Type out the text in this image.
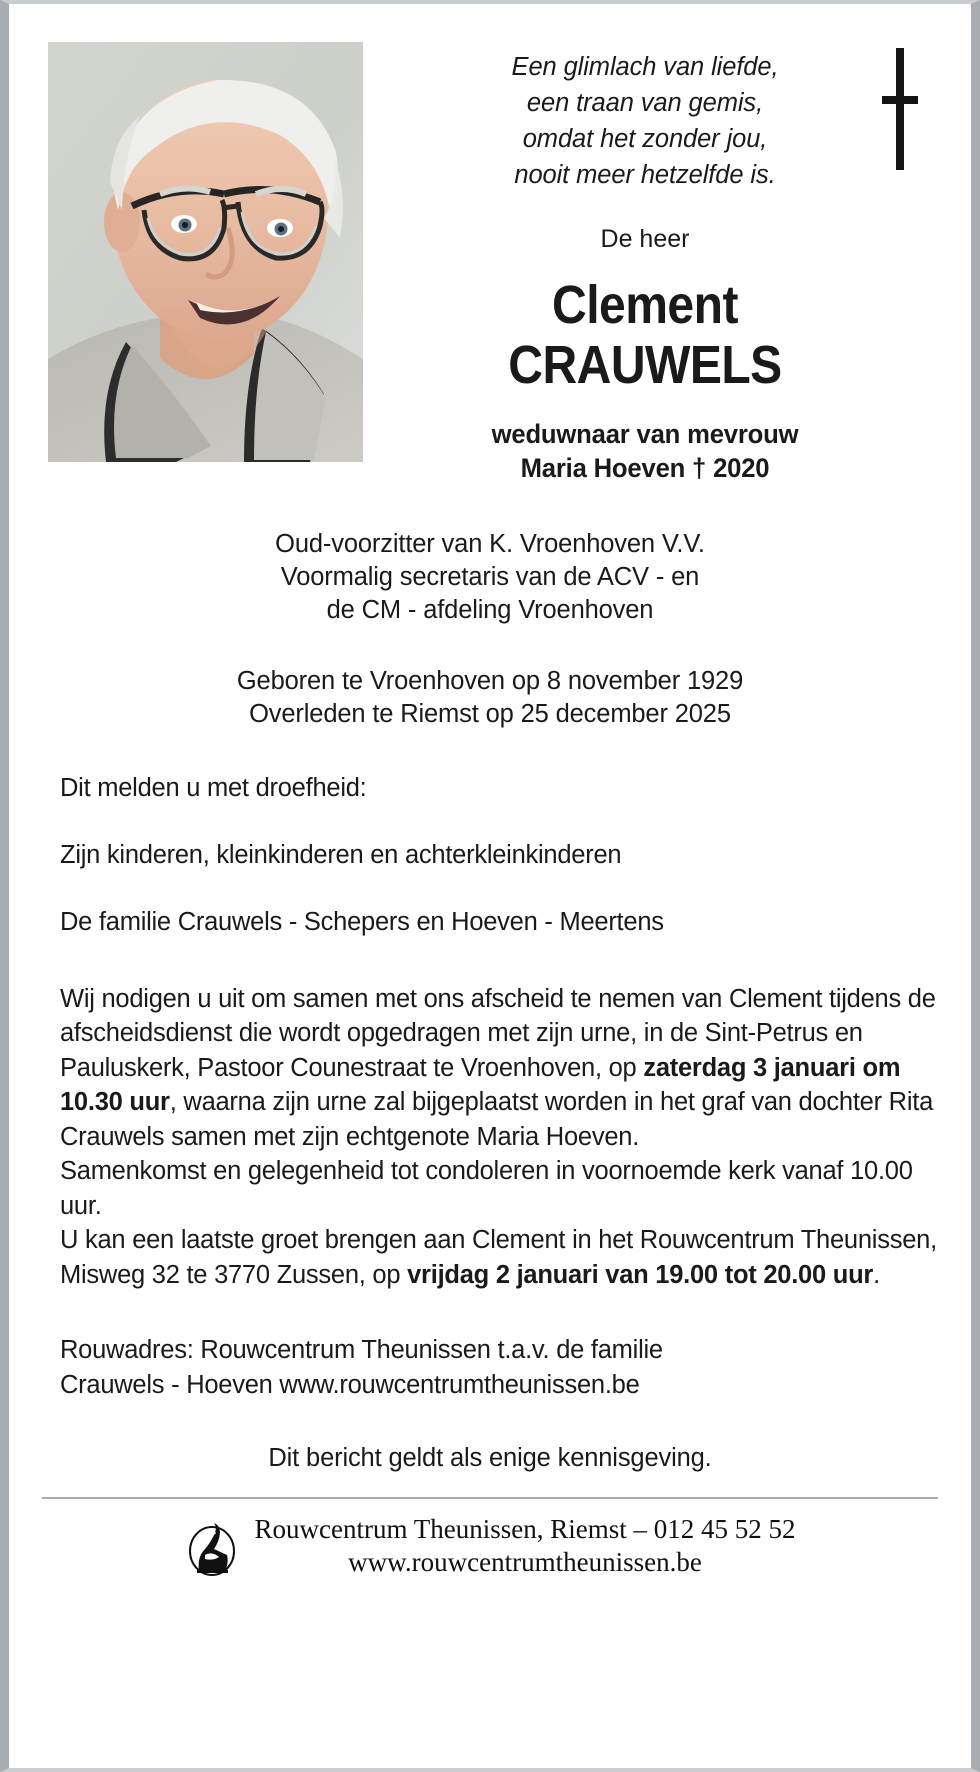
Een glimlach van liefde,
een traan van gemis,
omdat het zonder jou,
nooit meer hetzelfde is.
De heer
Clement
CRAUWELS
weduwnaar van mevrouw
Maria Hoeven † 2020
Oud-voorzitter van K. Vroenhoven V.V.
Voormalig secretaris van de ACV - en
de CM - afdeling Vroenhoven
Geboren te Vroenhoven op 8 november 1929
Overleden te Riemst op 25 december 2025
Dit melden u met droefheid:
Zijn kinderen, kleinkinderen en achterkleinkinderen
De familie Crauwels - Schepers en Hoeven - Meertens
Wij nodigen u uit om samen met ons afscheid te nemen van Clement tijdens de afscheidsdienst die wordt opgedragen met zijn urne, in de Sint-Petrus en Pauluskerk, Pastoor Counestraat te Vroenhoven, op zaterdag 3 januari om 10.30 uur, waarna zijn urne zal bijgeplaatst worden in het graf van dochter Rita Crauwels samen met zijn echtgenote Maria Hoeven.
Samenkomst en gelegenheid tot condoleren in voornoemde kerk vanaf 10.00 uur.
U kan een laatste groet brengen aan Clement in het Rouwcentrum Theunissen, Misweg 32 te 3770 Zussen, op vrijdag 2 januari van 19.00 tot 20.00 uur.
Rouwadres: Rouwcentrum Theunissen t.a.v. de familie
Crauwels - Hoeven www.rouwcentrumtheunissen.be
Dit bericht geldt als enige kennisgeving.
Rouwcentrum Theunissen, Riemst – 012 45 52 52
www.rouwcentrumtheunissen.be
